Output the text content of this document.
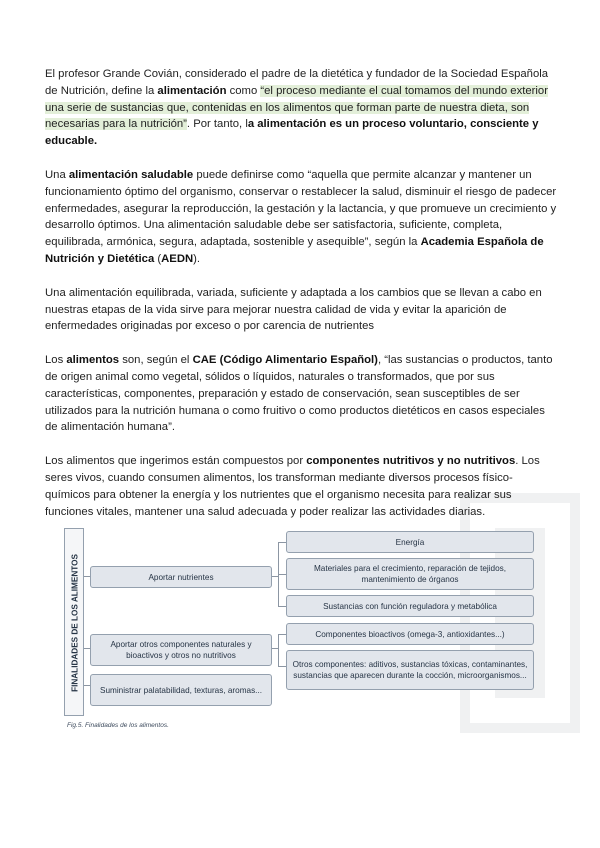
El profesor Grande Covián, considerado el padre de la dietética y fundador de la Sociedad Española de Nutrición, define la alimentación como “el proceso mediante el cual tomamos del mundo exterior una serie de sustancias que, contenidas en los alimentos que forman parte de nuestra dieta, son necesarias para la nutrición”. Por tanto, la alimentación es un proceso voluntario, consciente y educable.

Una alimentación saludable puede definirse como “aquella que permite alcanzar y mantener un funcionamiento óptimo del organismo, conservar o restablecer la salud, disminuir el riesgo de padecer enfermedades, asegurar la reproducción, la gestación y la lactancia, y que promueve un crecimiento y desarrollo óptimos. Una alimentación saludable debe ser satisfactoria, suficiente, completa, equilibrada, armónica, segura, adaptada, sostenible y asequible”, según la Academia Española de Nutrición y Dietética (AEDN).

Una alimentación equilibrada, variada, suficiente y adaptada a los cambios que se llevan a cabo en nuestras etapas de la vida sirve para mejorar nuestra calidad de vida y evitar la aparición de enfermedades originadas por exceso o por carencia de nutrientes

Los alimentos son, según el CAE (Código Alimentario Español), “las sustancias o productos, tanto de origen animal como vegetal, sólidos o líquidos, naturales o transformados, que por sus características, componentes, preparación y estado de conservación, sean susceptibles de ser utilizados para la nutrición humana o como fruitivo o como productos dietéticos en casos especiales de alimentación humana”.

Los alimentos que ingerimos están compuestos por componentes nutritivos y no nutritivos. Los seres vivos, cuando consumen alimentos, los transforman mediante diversos procesos físico-químicos para obtener la energía y los nutrientes que el organismo necesita para realizar sus funciones vitales, mantener una salud adecuada y poder realizar las actividades diarias.

FINALIDADES DE LOS ALIMENTOS	Aportar nutrientes
Aportar otros componentes naturales y bioactivos y otros no nutritivos
Suministrar palatabilidad, texturas, aromas...
Energía
Materiales para el crecimiento, reparación de tejidos, mantenimiento de órganos
Sustancias con función reguladora y metabólica
Componentes bioactivos (omega-3, antioxidantes...)
Otros componentes: aditivos, sustancias tóxicas, contaminantes, sustancias que aparecen durante la cocción, microorganismos...
Fig.5. Finalidades de los alimentos.
